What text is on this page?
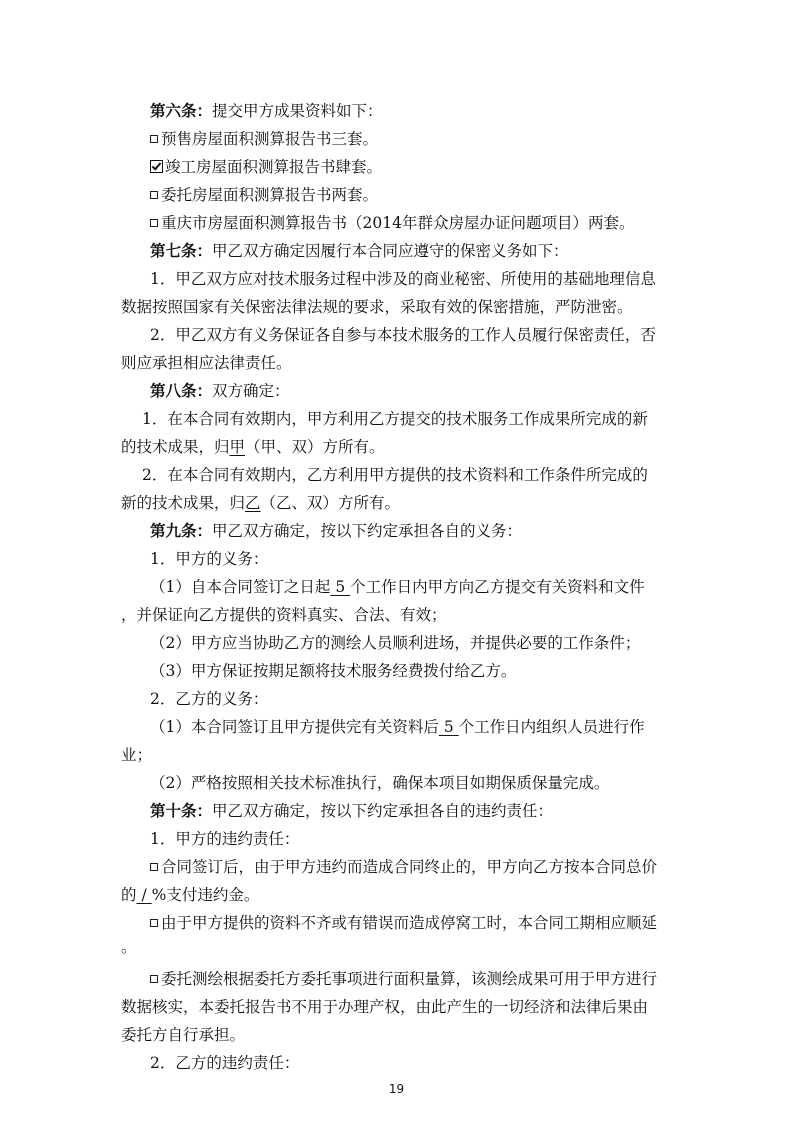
第六条：提交甲方成果资料如下：
预售房屋面积测算报告书三套。
竣工房屋面积测算报告书肆套。
委托房屋面积测算报告书两套。
重庆市房屋面积测算报告书（2014年群众房屋办证问题项目）两套。
第七条：甲乙双方确定因履行本合同应遵守的保密义务如下：
1．甲乙双方应对技术服务过程中涉及的商业秘密、所使用的基础地理信息
数据按照国家有关保密法律法规的要求，采取有效的保密措施，严防泄密。
2．甲乙双方有义务保证各自参与本技术服务的工作人员履行保密责任，否
则应承担相应法律责任。
第八条：双方确定：
1．在本合同有效期内，甲方利用乙方提交的技术服务工作成果所完成的新
的技术成果，归甲（甲、双）方所有。
2．在本合同有效期内，乙方利用甲方提供的技术资料和工作条件所完成的
新的技术成果，归乙（乙、双）方所有。
第九条：甲乙双方确定，按以下约定承担各自的义务：
1．甲方的义务：
（1）自本合同签订之日起 5 个工作日内甲方向乙方提交有关资料和文件
，并保证向乙方提供的资料真实、合法、有效；
（2）甲方应当协助乙方的测绘人员顺利进场，并提供必要的工作条件；
（3）甲方保证按期足额将技术服务经费拨付给乙方。
2．乙方的义务：
（1）本合同签订且甲方提供完有关资料后 5 个工作日内组织人员进行作
业；
（2）严格按照相关技术标准执行，确保本项目如期保质保量完成。
第十条：甲乙双方确定，按以下约定承担各自的违约责任：
1．甲方的违约责任：
合同签订后，由于甲方违约而造成合同终止的，甲方向乙方按本合同总价
的 / %支付违约金。
由于甲方提供的资料不齐或有错误而造成停窝工时，本合同工期相应顺延
。
委托测绘根据委托方委托事项进行面积量算，该测绘成果可用于甲方进行
数据核实，本委托报告书不用于办理产权，由此产生的一切经济和法律后果由
委托方自行承担。
2．乙方的违约责任：
19
